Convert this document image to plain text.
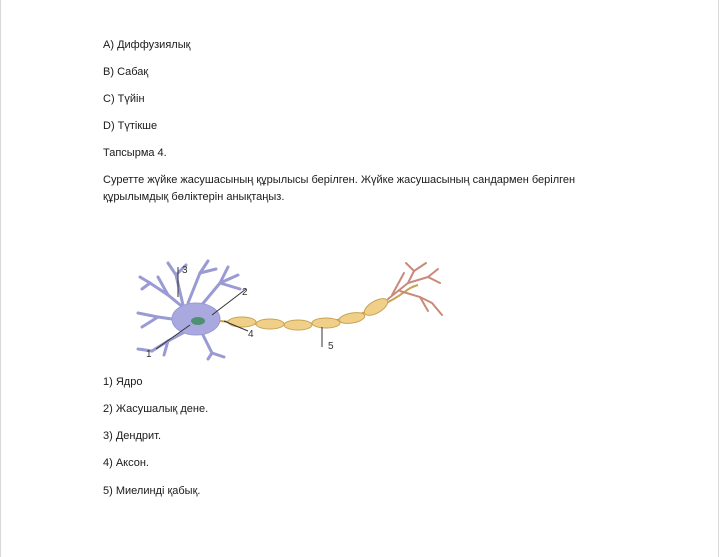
A) Диффузиялық
B) Сабақ
C) Түйін
D) Түтікше
Тапсырма 4.
Суретте жүйке жасушасының құрылысы берілген. Жүйке жасушасының сандармен берілген құрылымдық бөліктерін анықтаңыз.
1
2
3
4
5
1) Ядро
2) Жасушалық дене.
3) Дендрит.
4) Аксон.
5) Миелинді қабық.
